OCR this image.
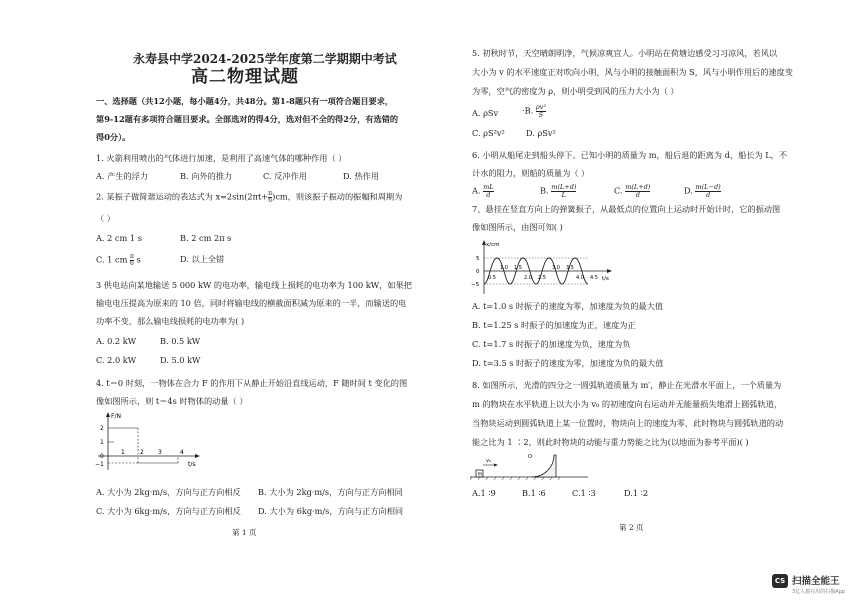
永寿县中学2024-2025学年度第二学期期中考试
高二物理试题
一、选择题（共12小题，每小题4分，共48分。第1-8题只有一项符合题目要求，
第9-12题有多项符合题目要求。全部选对的得4分，选对但不全的得2分，有选错的
得0分）。
1. 火箭利用喷出的气体进行加速，是利用了高速气体的哪种作用（ ）
A. 产生的浮力	B. 向外的推力	C. 反冲作用	D. 热作用
2. 某振子做简谐运动的表达式为 $x=2\sin(2\pi t+ \frac{\pi}{6} )cm$，则该振子振动的振幅和周期为
（ ）
A. 2 cm 1 s	B. 2 cm 2π s
C. 1 cm $\frac{\pi}{6}$ s	D. 以上全错
3 供电站向某地输送 5 000 kW 的电功率，输电线上损耗的电功率为 100 kW，如果把
输电电压提高为原来的 10 倍，同时将输电线的横截面积减为原来的一半，而输送的电
功率不变，那么输电线损耗的电功率为( )
A. 0.2 kW	B. 0.5 kW
C. 2.0 kW	D. 5.0 kW
4. t＝0 时刻，一物体在合力 F 的作用下从静止开始沿直线运动，F 随时间 t 变化的图
像如图所示，则 t＝4s 时物体的动量（ ）
F/N
t/s
2
1
0
−1
1	2 3	4
A. 大小为 2kg·m/s，方向与正方向相反 B. 大小为 2kg·m/s，方向与正方向相同
C. 大小为 6kg·m/s，方向与正方向相反 D. 大小为 6kg·m/s，方向与正方向相同
第 1 页
5. 初秋时节，天空晴朗明净，气候凉爽宜人。小明站在荷塘边感受习习凉风，若风以
大小为 v 的水平速度正对吹向小明，风与小明的接触面积为 S，风与小明作用后的速度变
为零，空气的密度为 ρ，则小明受到风的压力大小为（ ）
A. ρSv	·B. $\frac{\text{ρv²}}{S}$
C. ρS²v²	D. ρSv²
6. 小明从船尾走到船头停下。已知小明的质量为 m，船后退的距离为 d，船长为 L，不
计水的阻力，则船的质量为（ ）
A. $\frac{mL}{d}$	B. $\frac{m(L+d)}{L}$	C. $\frac{m(L+d)}{d}$	D. $\frac{m(L-d)}{d}$
7、悬挂在竖直方向上的弹簧振子，从最低点的位置向上运动时开始计时，它的振动图
像如图所示，由图可知( )
x/cm
t/s
5
0
−5
1.0 1.5	3.0 3.5
0.5	2.0 2.5	4.0 4.5
A. t=1.0 s 时振子的速度为零，加速度为负的最大值
B. t=1.25 s 时振子的加速度为正，速度为正
C. t=1.7 s 时振子的加速度为负，速度为负
D. t=3.5 s 时振子的速度为零，加速度为负的最大值
8. 如图所示，光滑的四分之一圆弧轨道质量为 m′，静止在光滑水平面上，一个质量为
m 的物块在水平轨道上以大小为 v₀ 的初速度向右运动并无能量损失地滑上圆弧轨道，
当物块运动到圆弧轨道上某一位置时，物块向上的速度为零，此时物块与圆弧轨道的动
能之比为 1 ∶2，则此时物块的动能与重力势能之比为(以地面为参考平面)( )
m
v₀
O
A.1 ∶9	B.1 ∶6	C.1 ∶3	D.1 ∶2
第 2 页
CS 扫描全能王
3亿人都在用的扫描App
